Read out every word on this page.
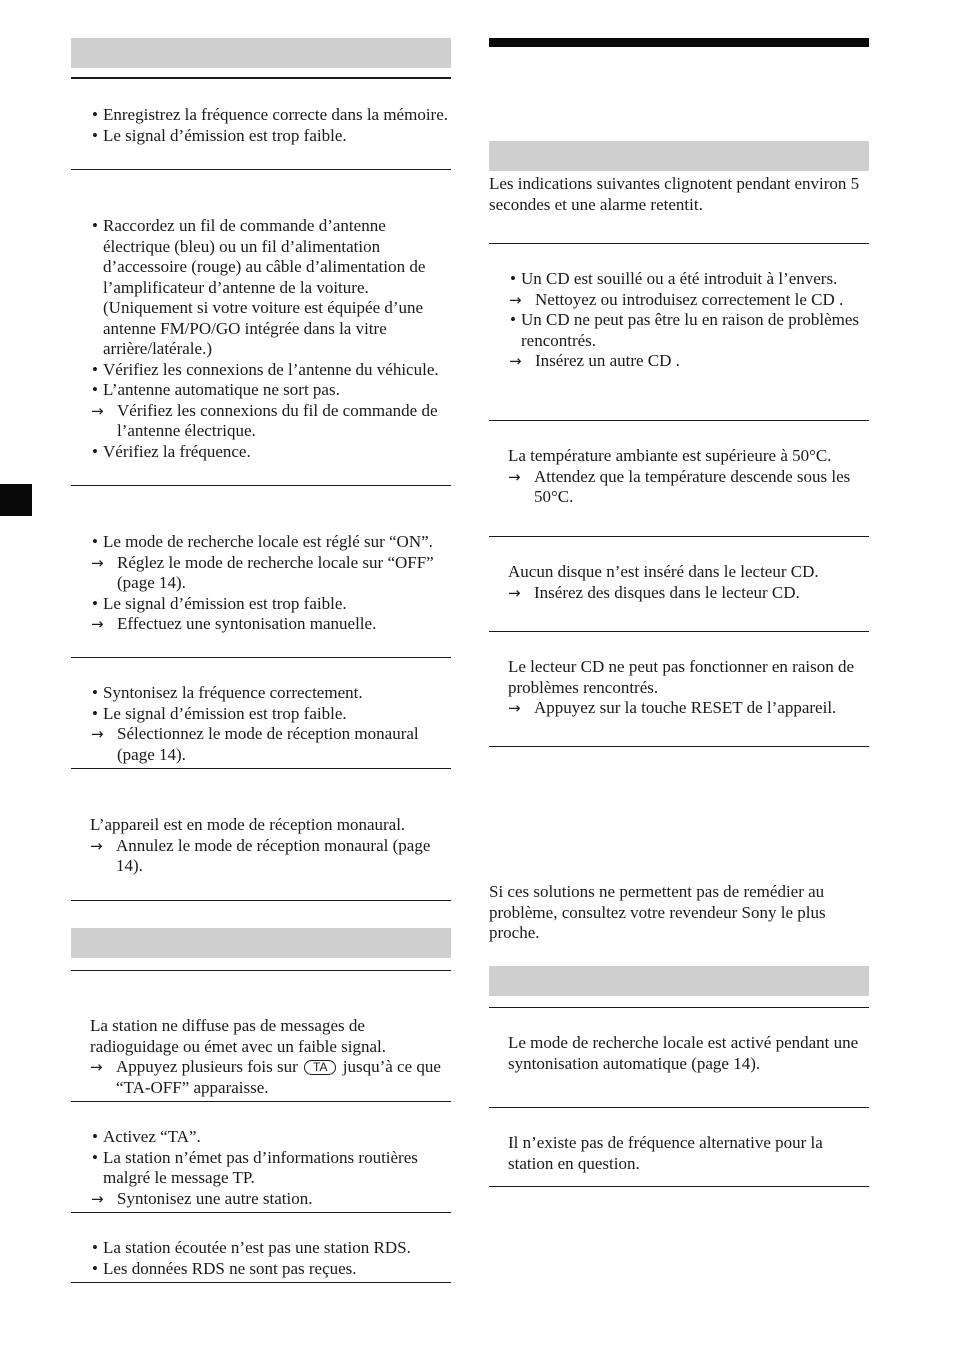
• Enregistrez la fréquence correcte dans la mémoire.
• Le signal d’émission est trop faible.
• Raccordez un fil de commande d’antenne électrique (bleu) ou un fil d’alimentation d’accessoire (rouge) au câble d’alimentation de l’amplificateur d’antenne de la voiture. (Uniquement si votre voiture est équipée d’une antenne FM/PO/GO intégrée dans la vitre arrière/latérale.)
• Vérifiez les connexions de l’antenne du véhicule.
• L’antenne automatique ne sort pas.
→ Vérifiez les connexions du fil de commande de l’antenne électrique.
• Vérifiez la fréquence.
• Le mode de recherche locale est réglé sur “ON”.
→ Réglez le mode de recherche locale sur “OFF” (page 14).
• Le signal d’émission est trop faible.
→ Effectuez une syntonisation manuelle.
• Syntonisez la fréquence correctement.
• Le signal d’émission est trop faible.
→ Sélectionnez le mode de réception monaural (page 14).
L’appareil est en mode de réception monaural.
→ Annulez le mode de réception monaural (page 14).
La station ne diffuse pas de messages de radioguidage ou émet avec un faible signal.
→ Appuyez plusieurs fois sur TA jusqu’à ce que “TA-OFF” apparaisse.
• Activez “TA”.
• La station n’émet pas d’informations routières malgré le message TP.
→ Syntonisez une autre station.
• La station écoutée n’est pas une station RDS.
• Les données RDS ne sont pas reçues.
Les indications suivantes clignotent pendant environ 5 secondes et une alarme retentit.
• Un CD est souillé ou a été introduit à l’envers.
→ Nettoyez ou introduisez correctement le CD .
• Un CD ne peut pas être lu en raison de problèmes rencontrés.
→ Insérez un autre CD .
La température ambiante est supérieure à 50°C.
→ Attendez que la température descende sous les 50°C.
Aucun disque n’est inséré dans le lecteur CD.
→ Insérez des disques dans le lecteur CD.
Le lecteur CD ne peut pas fonctionner en raison de problèmes rencontrés.
→ Appuyez sur la touche RESET de l’appareil.
Si ces solutions ne permettent pas de remédier au problème, consultez votre revendeur Sony le plus proche.
Le mode de recherche locale est activé pendant une syntonisation automatique (page 14).
Il n’existe pas de fréquence alternative pour la station en question.
